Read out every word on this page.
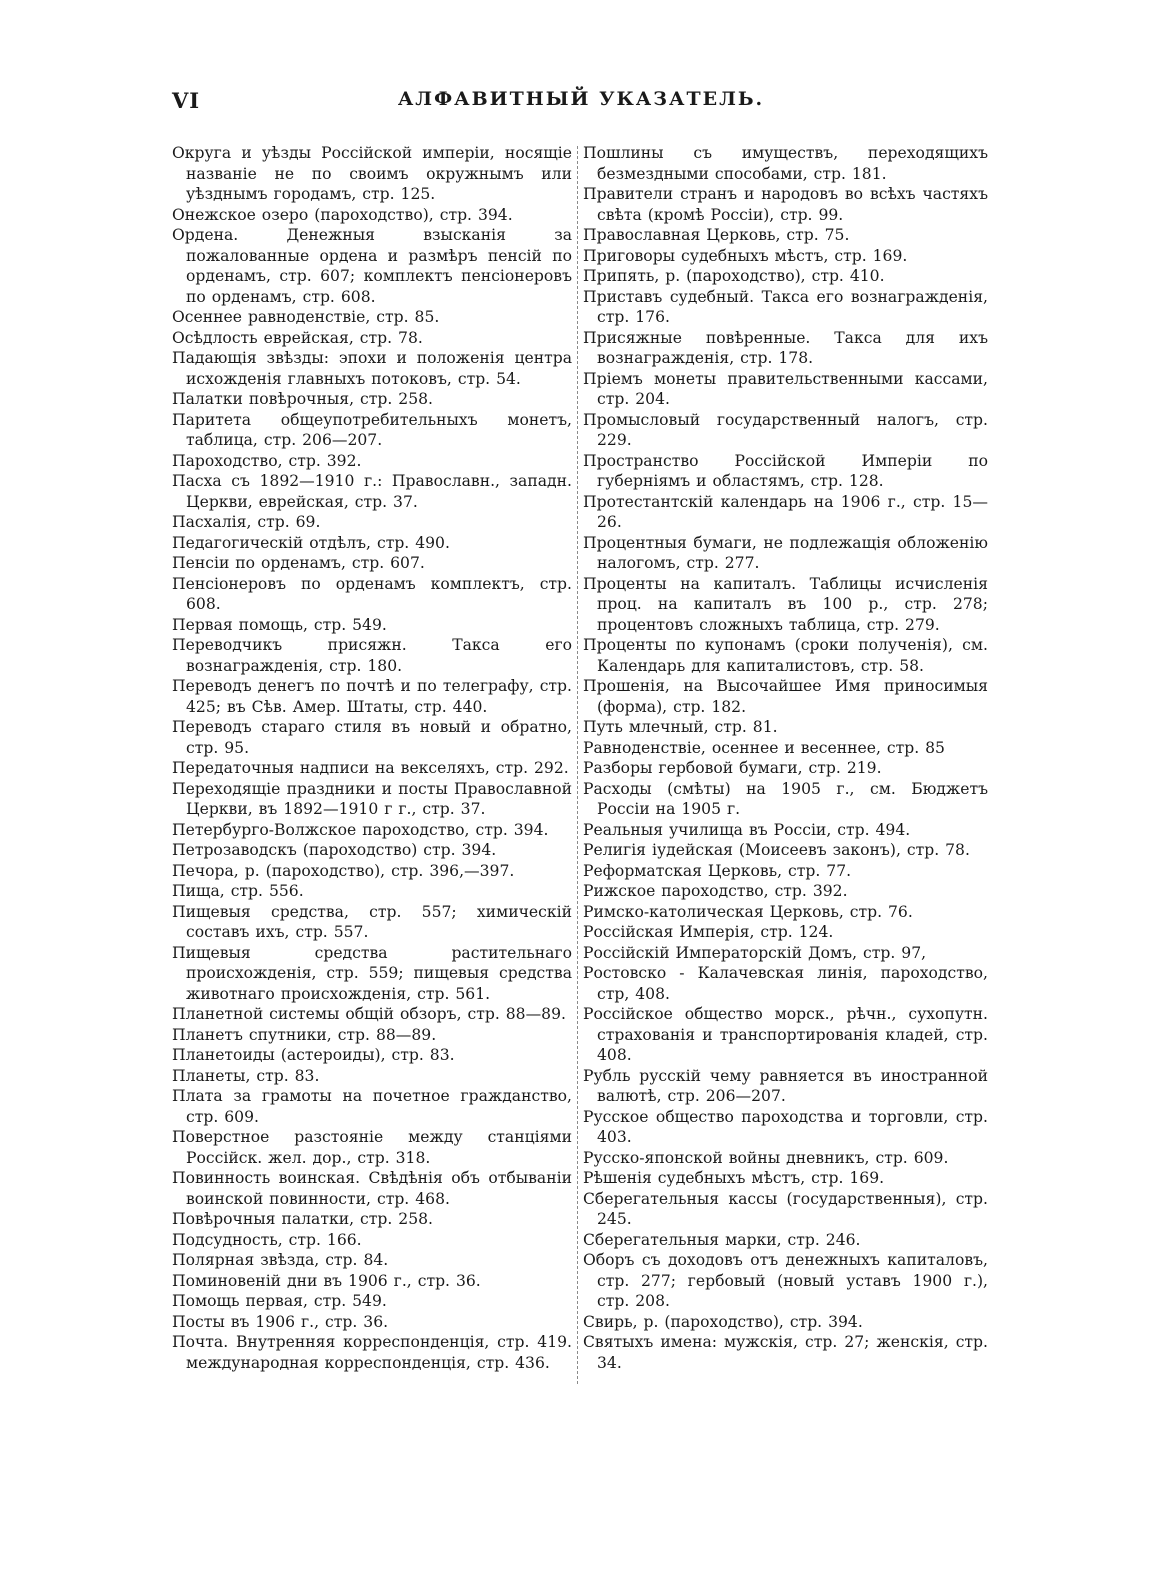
VI	АЛФАВИТНЫЙ УКАЗАТЕЛЬ.
Округа и уѣзды Россійской имперіи, носящіе названіе не по своимъ окружнымъ или уѣзднымъ городамъ, стр. 125.
Онежское озеро (пароходство), стр. 394.
Ордена. Денежныя взысканія за пожалованные ордена и размѣръ пенсій по орденамъ, стр. 607; комплектъ пенсіонеровъ по орденамъ, стр. 608.
Осеннее равноденствіе, стр. 85.
Осѣдлость еврейская, стр. 78.
Падающія звѣзды: эпохи и положенія центра исхожденія главныхъ потоковъ, стр. 54.
Палатки повѣрочныя, стр. 258.
Паритета общеупотребительныхъ монетъ, таблица, стр. 206—207.
Пароходство, стр. 392.
Пасха съ 1892—1910 г.: Православн., западн. Церкви, еврейская, стр. 37.
Пасхалія, стр. 69.
Педагогическій отдѣлъ, стр. 490.
Пенсіи по орденамъ, стр. 607.
Пенсіонеровъ по орденамъ комплектъ, стр. 608.
Первая помощь, стр. 549.
Переводчикъ присяжн. Такса его вознагражденія, стр. 180.
Переводъ денегъ по почтѣ и по телеграфу, стр. 425; въ Сѣв. Амер. Штаты, стр. 440.
Переводъ стараго стиля въ новый и обратно, стр. 95.
Передаточныя надписи на векселяхъ, стр. 292.
Переходящіе праздники и посты Православной Церкви, въ 1892—1910 г г., стр. 37.
Петербурго-Волжское пароходство, стр. 394.
Петрозаводскъ (пароходство) стр. 394.
Печора, р. (пароходство), стр. 396,—397.
Пища, стр. 556.
Пищевыя средства, стр. 557; химическій составъ ихъ, стр. 557.
Пищевыя средства растительнаго происхожденія, стр. 559; пищевыя средства животнаго происхожденія, стр. 561.
Планетной системы общій обзоръ, стр. 88—89.
Планетъ спутники, стр. 88—89.
Планетоиды (астероиды), стр. 83.
Планеты, стр. 83.
Плата за грамоты на почетное гражданство, стр. 609.
Поверстное разстояніе между станціями Россійск. жел. дор., стр. 318.
Повинность воинская. Свѣдѣнія объ отбываніи воинской повинности, стр. 468.
Повѣрочныя палатки, стр. 258.
Подсудность, стр. 166.
Полярная звѣзда, стр. 84.
Поминовеній дни въ 1906 г., стр. 36.
Помощь первая, стр. 549.
Посты въ 1906 г., стр. 36.
Почта. Внутренняя корреспонденція, стр. 419. международная корреспонденція, стр. 436.
Пошлины съ имуществъ, переходящихъ безмездными способами, стр. 181.
Правители странъ и народовъ во всѣхъ частяхъ свѣта (кромѣ Россіи), стр. 99.
Православная Церковь, стр. 75.
Приговоры судебныхъ мѣстъ, стр. 169.
Припять, р. (пароходство), стр. 410.
Приставъ судебный. Такса его вознагражденія, стр. 176.
Присяжные повѣренные. Такса для ихъ вознагражденія, стр. 178.
Пріемъ монеты правительственными кассами, стр. 204.
Промысловый государственный налогъ, стр. 229.
Пространство Россійской Имперіи по губерніямъ и областямъ, стр. 128.
Протестантскій календарь на 1906 г., стр. 15—26.
Процентныя бумаги, не подлежащія обложенію налогомъ, стр. 277.
Проценты на капиталъ. Таблицы исчисленія проц. на капиталъ въ 100 р., стр. 278; процентовъ сложныхъ таблица, стр. 279.
Проценты по купонамъ (сроки полученія), см. Календарь для капиталистовъ, стр. 58.
Прошенія, на Высочайшее Имя приносимыя (форма), стр. 182.
Путь млечный, стр. 81.
Равноденствіе, осеннее и весеннее, стр. 85
Разборы гербовой бумаги, стр. 219.
Расходы (смѣты) на 1905 г., см. Бюджетъ Россіи на 1905 г.
Реальныя училища въ Россіи, стр. 494.
Религія іудейская (Моисеевъ законъ), стр. 78.
Реформатская Церковь, стр. 77.
Рижское пароходство, стр. 392.
Римско-католическая Церковь, стр. 76.
Россійская Имперія, стр. 124.
Россійскій Императорскій Домъ, стр. 97,
Ростовско - Калачевская линія, пароходство, стр, 408.
Россійское общество морск., рѣчн., сухопутн. страхованія и транспортированія кладей, стр. 408.
Рубль русскій чему равняется въ иностранной валютѣ, стр. 206—207.
Русское общество пароходства и торговли, стр. 403.
Русско-японской войны дневникъ, стр. 609.
Рѣшенія судебныхъ мѣстъ, стр. 169.
Сберегательныя кассы (государственныя), стр. 245.
Сберегательныя марки, стр. 246.
Оборъ съ доходовъ отъ денежныхъ капиталовъ, стр. 277; гербовый (новый уставъ 1900 г.), стр. 208.
Свирь, р. (пароходство), стр. 394.
Святыхъ имена: мужскія, стр. 27; женскія, стр. 34.
